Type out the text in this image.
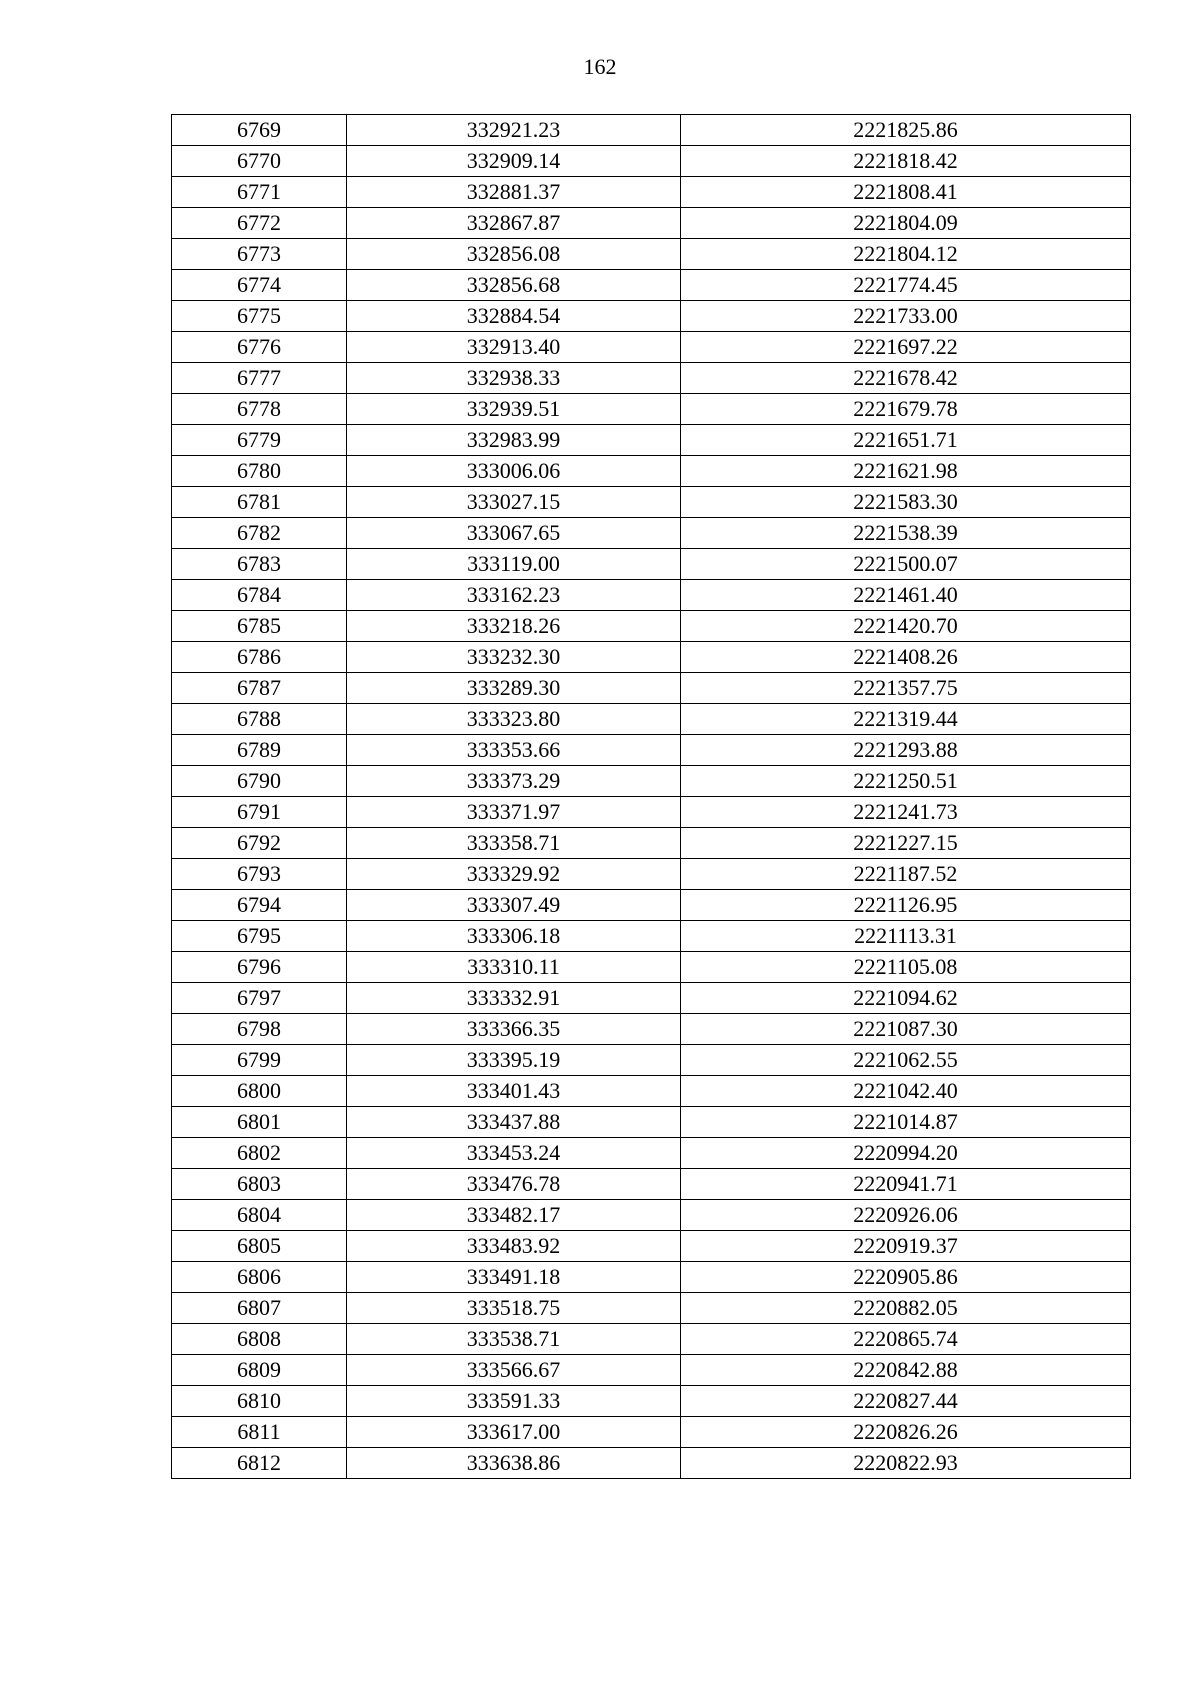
162
6769	332921.23	2221825.86
6770	332909.14	2221818.42
6771	332881.37	2221808.41
6772	332867.87	2221804.09
6773	332856.08	2221804.12
6774	332856.68	2221774.45
6775	332884.54	2221733.00
6776	332913.40	2221697.22
6777	332938.33	2221678.42
6778	332939.51	2221679.78
6779	332983.99	2221651.71
6780	333006.06	2221621.98
6781	333027.15	2221583.30
6782	333067.65	2221538.39
6783	333119.00	2221500.07
6784	333162.23	2221461.40
6785	333218.26	2221420.70
6786	333232.30	2221408.26
6787	333289.30	2221357.75
6788	333323.80	2221319.44
6789	333353.66	2221293.88
6790	333373.29	2221250.51
6791	333371.97	2221241.73
6792	333358.71	2221227.15
6793	333329.92	2221187.52
6794	333307.49	2221126.95
6795	333306.18	2221113.31
6796	333310.11	2221105.08
6797	333332.91	2221094.62
6798	333366.35	2221087.30
6799	333395.19	2221062.55
6800	333401.43	2221042.40
6801	333437.88	2221014.87
6802	333453.24	2220994.20
6803	333476.78	2220941.71
6804	333482.17	2220926.06
6805	333483.92	2220919.37
6806	333491.18	2220905.86
6807	333518.75	2220882.05
6808	333538.71	2220865.74
6809	333566.67	2220842.88
6810	333591.33	2220827.44
6811	333617.00	2220826.26
6812	333638.86	2220822.93
